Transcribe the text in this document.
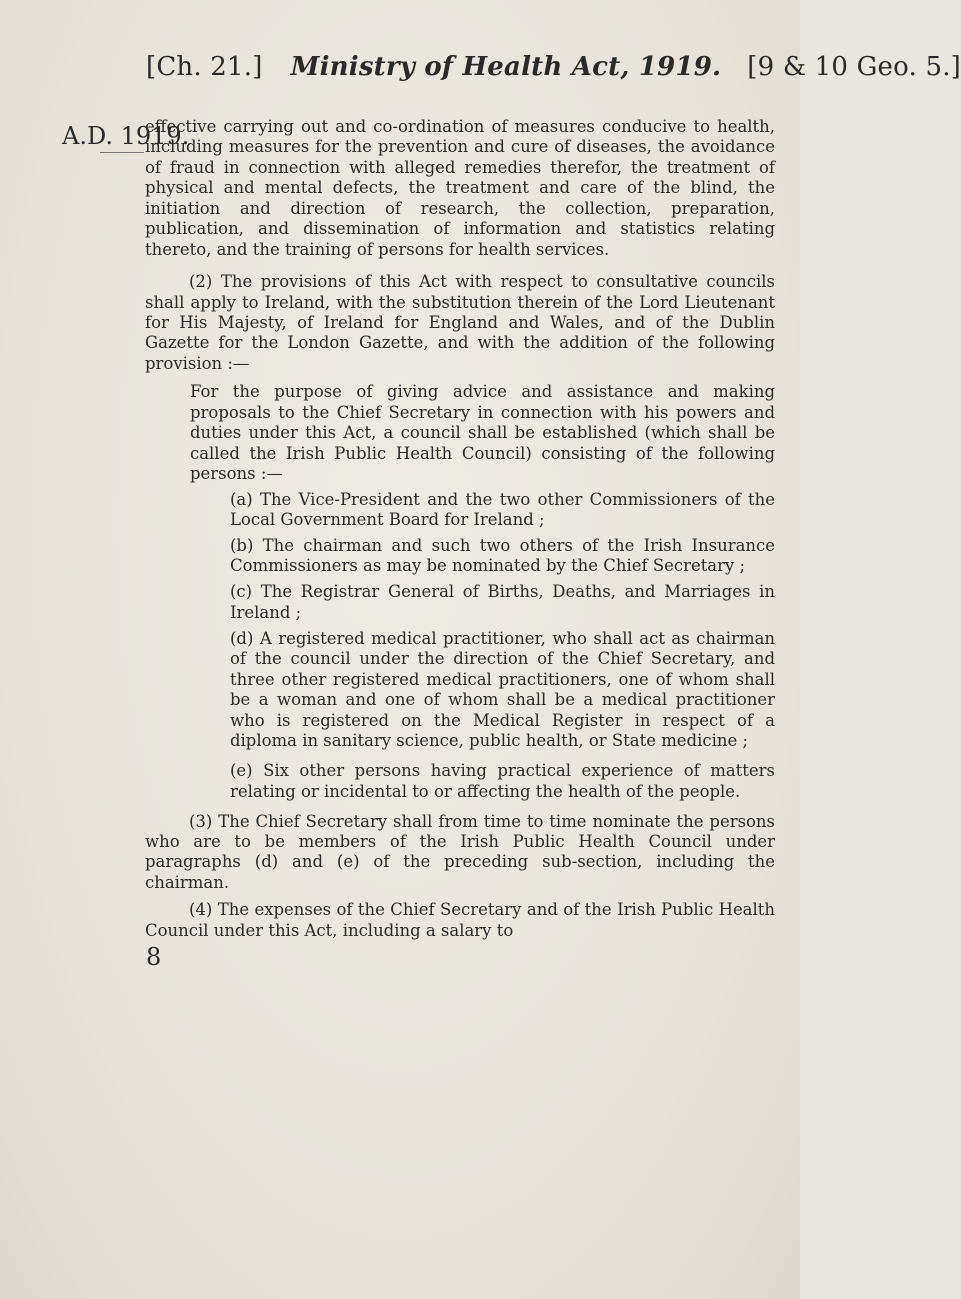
[Ch. 21.] Ministry of Health Act, 1919. [9 & 10 Geo. 5.]
A.D. 1919.
effective carrying out and co-ordination of measures conducive to health, including measures for the prevention and cure of diseases, the avoidance of fraud in connection with alleged remedies therefor, the treatment of physical and mental defects, the treatment and care of the blind, the initiation and direction of research, the collection, preparation, publication, and dissemination of information and statistics relating thereto, and the training of persons for health services.
(2) The provisions of this Act with respect to consultative councils shall apply to Ireland, with the substitution therein of the Lord Lieutenant for His Majesty, of Ireland for England and Wales, and of the Dublin Gazette for the London Gazette, and with the addition of the following provision :—
For the purpose of giving advice and assistance and making proposals to the Chief Secretary in connection with his powers and duties under this Act, a council shall be established (which shall be called the Irish Public Health Council) consisting of the following persons :—
(a) The Vice-President and the two other Commissioners of the Local Government Board for Ireland ;
(b) The chairman and such two others of the Irish Insurance Commissioners as may be nominated by the Chief Secretary ;
(c) The Registrar General of Births, Deaths, and Marriages in Ireland ;
(d) A registered medical practitioner, who shall act as chairman of the council under the direction of the Chief Secretary, and three other registered medical practitioners, one of whom shall be a woman and one of whom shall be a medical practitioner who is registered on the Medical Register in respect of a diploma in sanitary science, public health, or State medicine ;
(e) Six other persons having practical experience of matters relating or incidental to or affecting the health of the people.
(3) The Chief Secretary shall from time to time nominate the persons who are to be members of the Irish Public Health Council under paragraphs (d) and (e) of the preceding sub-section, including the chairman.
(4) The expenses of the Chief Secretary and of the Irish Public Health Council under this Act, including a salary to
8
